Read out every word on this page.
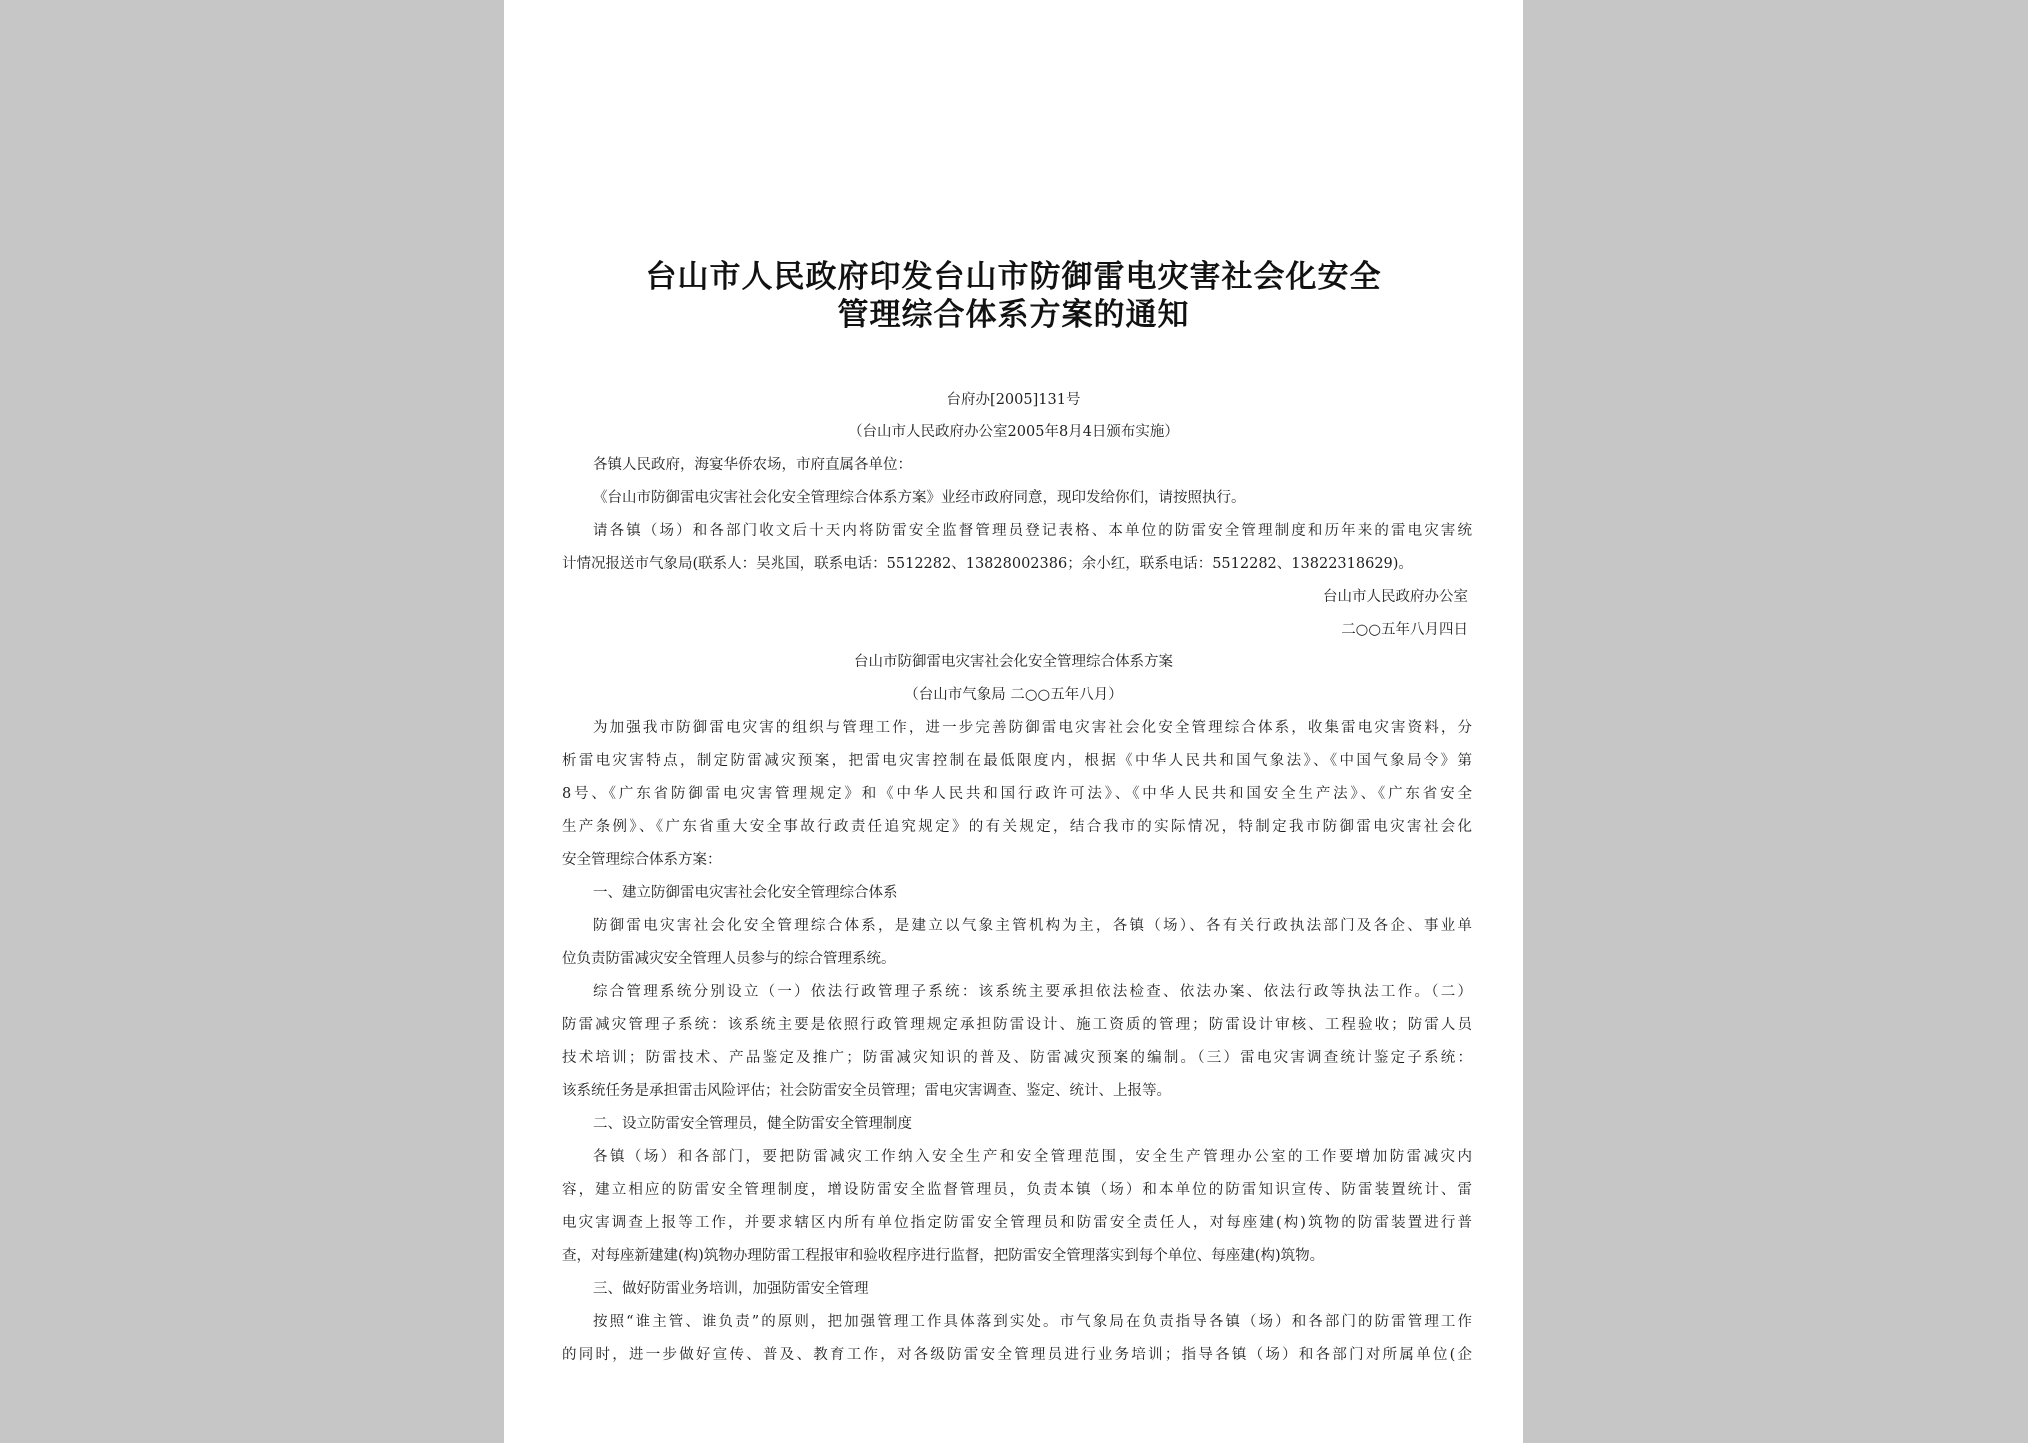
台山市人民政府印发台山市防御雷电灾害社会化安全
管理综合体系方案的通知
台府办[2005]131号
（台山市人民政府办公室2005年8月4日颁布实施）
各镇人民政府，海宴华侨农场，市府直属各单位：
《台山市防御雷电灾害社会化安全管理综合体系方案》业经市政府同意，现印发给你们，请按照执行。
请各镇（场）和各部门收文后十天内将防雷安全监督管理员登记表格、本单位的防雷安全管理制度和历年来的雷电灾害统
计情况报送市气象局(联系人：吴兆国，联系电话：5512282、13828002386；余小红，联系电话：5512282、13822318629)。
台山市人民政府办公室
二○○五年八月四日
台山市防御雷电灾害社会化安全管理综合体系方案
（台山市气象局 二○○五年八月）
为加强我市防御雷电灾害的组织与管理工作，进一步完善防御雷电灾害社会化安全管理综合体系，收集雷电灾害资料，分
析雷电灾害特点，制定防雷减灾预案，把雷电灾害控制在最低限度内，根据《中华人民共和国气象法》、《中国气象局令》第
8号、《广东省防御雷电灾害管理规定》和《中华人民共和国行政许可法》、《中华人民共和国安全生产法》、《广东省安全
生产条例》、《广东省重大安全事故行政责任追究规定》的有关规定，结合我市的实际情况，特制定我市防御雷电灾害社会化
安全管理综合体系方案：
一、建立防御雷电灾害社会化安全管理综合体系
防御雷电灾害社会化安全管理综合体系，是建立以气象主管机构为主，各镇（场）、各有关行政执法部门及各企、事业单
位负责防雷减灾安全管理人员参与的综合管理系统。
综合管理系统分别设立（一）依法行政管理子系统：该系统主要承担依法检查、依法办案、依法行政等执法工作。（二）
防雷减灾管理子系统：该系统主要是依照行政管理规定承担防雷设计、施工资质的管理；防雷设计审核、工程验收；防雷人员
技术培训；防雷技术、产品鉴定及推广；防雷减灾知识的普及、防雷减灾预案的编制。（三）雷电灾害调查统计鉴定子系统：
该系统任务是承担雷击风险评估；社会防雷安全员管理；雷电灾害调查、鉴定、统计、上报等。
二、设立防雷安全管理员，健全防雷安全管理制度
各镇（场）和各部门，要把防雷减灾工作纳入安全生产和安全管理范围，安全生产管理办公室的工作要增加防雷减灾内
容，建立相应的防雷安全管理制度，增设防雷安全监督管理员，负责本镇（场）和本单位的防雷知识宣传、防雷装置统计、雷
电灾害调查上报等工作，并要求辖区内所有单位指定防雷安全管理员和防雷安全责任人，对每座建(构)筑物的防雷装置进行普
查，对每座新建建(构)筑物办理防雷工程报审和验收程序进行监督，把防雷安全管理落实到每个单位、每座建(构)筑物。
三、做好防雷业务培训，加强防雷安全管理
按照“谁主管、谁负责”的原则，把加强管理工作具体落到实处。市气象局在负责指导各镇（场）和各部门的防雷管理工作
的同时，进一步做好宣传、普及、教育工作，对各级防雷安全管理员进行业务培训；指导各镇（场）和各部门对所属单位(企
